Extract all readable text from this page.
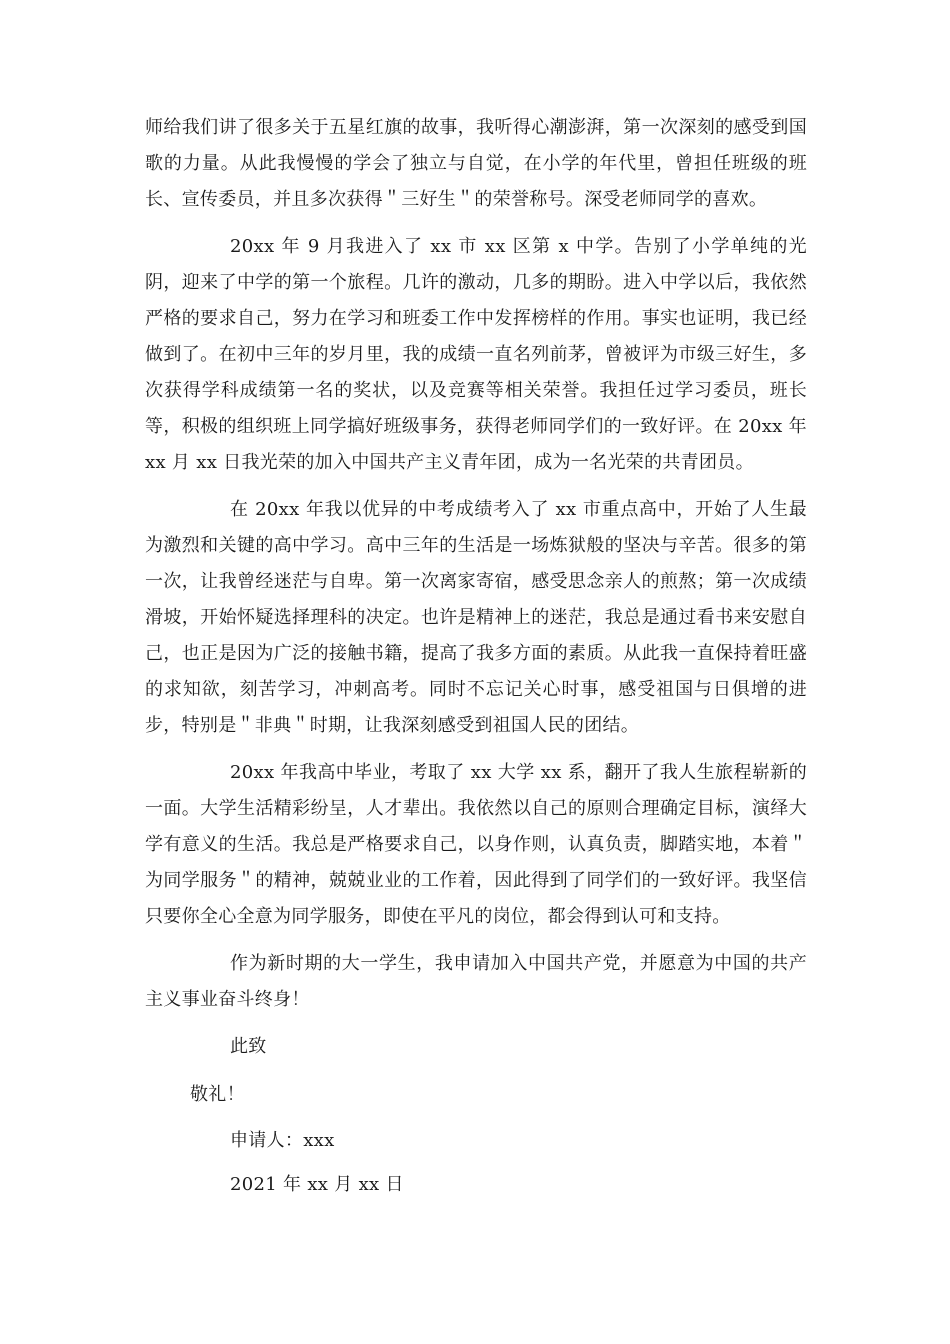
师给我们讲了很多关于五星红旗的故事，我听得心潮澎湃，第一次深刻的感受到国歌的力量。从此我慢慢的学会了独立与自觉，在小学的年代里，曾担任班级的班长、宣传委员，并且多次获得＂三好生＂的荣誉称号。深受老师同学的喜欢。

20xx 年 9 月我进入了 xx 市 xx 区第 x 中学。告别了小学单纯的光阴，迎来了中学的第一个旅程。几许的激动，几多的期盼。进入中学以后，我依然严格的要求自己，努力在学习和班委工作中发挥榜样的作用。事实也证明，我已经做到了。在初中三年的岁月里，我的成绩一直名列前茅，曾被评为市级三好生，多次获得学科成绩第一名的奖状，以及竞赛等相关荣誉。我担任过学习委员，班长等，积极的组织班上同学搞好班级事务，获得老师同学们的一致好评。在 20xx 年 xx 月 xx 日我光荣的加入中国共产主义青年团，成为一名光荣的共青团员。

在 20xx 年我以优异的中考成绩考入了 xx 市重点高中，开始了人生最为激烈和关键的高中学习。高中三年的生活是一场炼狱般的坚决与辛苦。很多的第一次，让我曾经迷茫与自卑。第一次离家寄宿，感受思念亲人的煎熬；第一次成绩滑坡，开始怀疑选择理科的决定。也许是精神上的迷茫，我总是通过看书来安慰自己，也正是因为广泛的接触书籍，提高了我多方面的素质。从此我一直保持着旺盛的求知欲，刻苦学习，冲刺高考。同时不忘记关心时事，感受祖国与日俱增的进步，特别是＂非典＂时期，让我深刻感受到祖国人民的团结。

20xx 年我高中毕业，考取了 xx 大学 xx 系，翻开了我人生旅程崭新的一面。大学生活精彩纷呈，人才辈出。我依然以自己的原则合理确定目标，演绎大学有意义的生活。我总是严格要求自己，以身作则，认真负责，脚踏实地，本着＂为同学服务＂的精神，兢兢业业的工作着，因此得到了同学们的一致好评。我坚信只要你全心全意为同学服务，即使在平凡的岗位，都会得到认可和支持。

作为新时期的大一学生，我申请加入中国共产党，并愿意为中国的共产主义事业奋斗终身！

此致

敬礼！

申请人：xxx

2021 年 xx 月 xx 日
